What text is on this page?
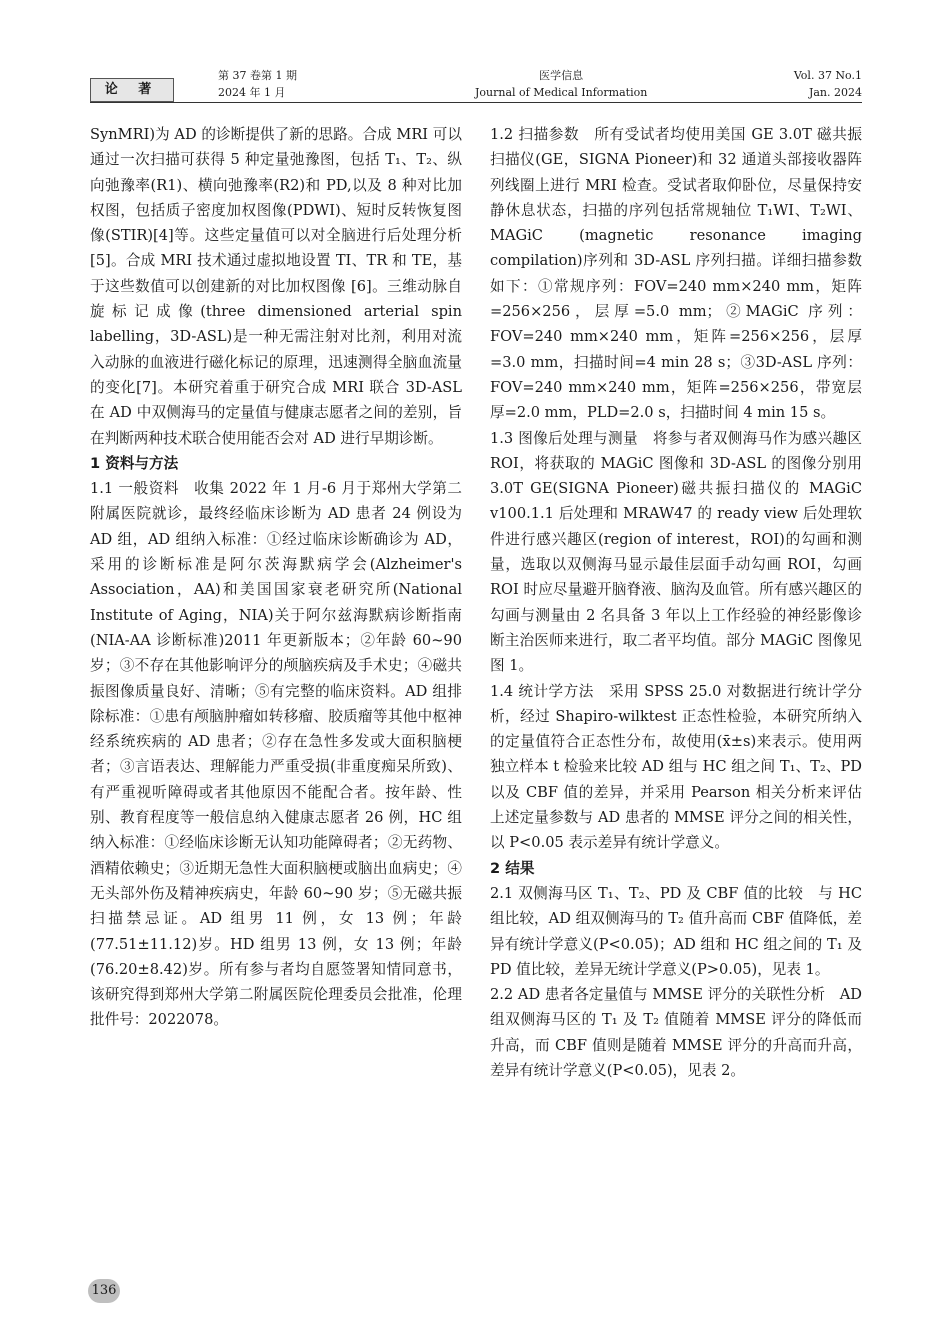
论 著
第 37 卷第 1 期
2024 年 1 月
医学信息
Journal of Medical Information
Vol. 37 No.1
Jan. 2024

SynMRI)为 AD 的诊断提供了新的思路。合成 MRI 可以通过一次扫描可获得 5 种定量弛豫图，包括 T₁、T₂、纵向弛豫率(R1)、横向弛豫率(R2)和 PD,以及 8 种对比加权图，包括质子密度加权图像(PDWI)、短时反转恢复图像(STIR)[4]等。这些定量值可以对全脑进行后处理分析[5]。合成 MRI 技术通过虚拟地设置 TI、TR 和 TE，基于这些数值可以创建新的对比加权图像 [6]。三维动脉自旋标记成像(three dimensioned arterial spin labelling，3D-ASL)是一种无需注射对比剂，利用对流入动脉的血液进行磁化标记的原理，迅速测得全脑血流量的变化[7]。本研究着重于研究合成 MRI 联合 3D-ASL 在 AD 中双侧海马的定量值与健康志愿者之间的差别，旨在判断两种技术联合使用能否会对 AD 进行早期诊断。

1 资料与方法

1.1 一般资料　收集 2022 年 1 月-6 月于郑州大学第二附属医院就诊，最终经临床诊断为 AD 患者 24 例设为 AD 组，AD 组纳入标准：①经过临床诊断确诊为 AD，采用的诊断标准是阿尔茨海默病学会(Alzheimer's Association，AA)和美国国家衰老研究所(National Institute of Aging，NIA)关于阿尔兹海默病诊断指南(NIA-AA 诊断标准)2011 年更新版本；②年龄 60~90 岁；③不存在其他影响评分的颅脑疾病及手术史；④磁共振图像质量良好、清晰；⑤有完整的临床资料。AD 组排除标准：①患有颅脑肿瘤如转移瘤、胶质瘤等其他中枢神经系统疾病的 AD 患者；②存在急性多发或大面积脑梗者；③言语表达、理解能力严重受损(非重度痴呆所致)、有严重视听障碍或者其他原因不能配合者。按年龄、性别、教育程度等一般信息纳入健康志愿者 26 例，HC 组纳入标准：①经临床诊断无认知功能障碍者；②无药物、酒精依赖史；③近期无急性大面积脑梗或脑出血病史；④无头部外伤及精神疾病史，年龄 60~90 岁；⑤无磁共振扫描禁忌证。AD 组男 11 例，女 13 例；年龄(77.51±11.12)岁。HD 组男 13 例，女 13 例；年龄(76.20±8.42)岁。所有参与者均自愿签署知情同意书，该研究得到郑州大学第二附属医院伦理委员会批准，伦理批件号：2022078。

1.2 扫描参数　所有受试者均使用美国 GE 3.0T 磁共振扫描仪(GE，SIGNA Pioneer)和 32 通道头部接收器阵列线圈上进行 MRI 检查。受试者取仰卧位，尽量保持安静休息状态，扫描的序列包括常规轴位 T₁WI、T₂WI、MAGiC (magnetic resonance imaging compilation)序列和 3D-ASL 序列扫描。详细扫描参数如下：①常规序列：FOV=240 mm×240 mm，矩阵=256×256，层厚=5.0 mm；②MAGiC 序列：FOV=240 mm×240 mm，矩阵=256×256，层厚=3.0 mm，扫描时间=4 min 28 s；③3D-ASL 序列：FOV=240 mm×240 mm，矩阵=256×256，带宽层厚=2.0 mm，PLD=2.0 s，扫描时间 4 min 15 s。

1.3 图像后处理与测量　将参与者双侧海马作为感兴趣区 ROI，将获取的 MAGiC 图像和 3D-ASL 的图像分别用 3.0T GE(SIGNA Pioneer)磁共振扫描仪的 MAGiC v100.1.1 后处理和 MRAW47 的 ready view 后处理软件进行感兴趣区(region of interest，ROI)的勾画和测量，选取以双侧海马显示最佳层面手动勾画 ROI，勾画 ROI 时应尽量避开脑脊液、脑沟及血管。所有感兴趣区的勾画与测量由 2 名具备 3 年以上工作经验的神经影像诊断主治医师来进行，取二者平均值。部分 MAGiC 图像见图 1。

1.4 统计学方法　采用 SPSS 25.0 对数据进行统计学分析，经过 Shapiro-wilktest 正态性检验，本研究所纳入的定量值符合正态性分布，故使用(x̄±s)来表示。使用两独立样本 t 检验来比较 AD 组与 HC 组之间 T₁、T₂、PD 以及 CBF 值的差异，并采用 Pearson 相关分析来评估上述定量参数与 AD 患者的 MMSE 评分之间的相关性，以 P<0.05 表示差异有统计学意义。

2 结果

2.1 双侧海马区 T₁、T₂、PD 及 CBF 值的比较　与 HC 组比较，AD 组双侧海马的 T₂ 值升高而 CBF 值降低，差异有统计学意义(P<0.05)；AD 组和 HC 组之间的 T₁ 及 PD 值比较，差异无统计学意义(P>0.05)，见表 1。

2.2 AD 患者各定量值与 MMSE 评分的关联性分析　AD 组双侧海马区的 T₁ 及 T₂ 值随着 MMSE 评分的降低而升高，而 CBF 值则是随着 MMSE 评分的升高而升高，差异有统计学意义(P<0.05)，见表 2。

136
